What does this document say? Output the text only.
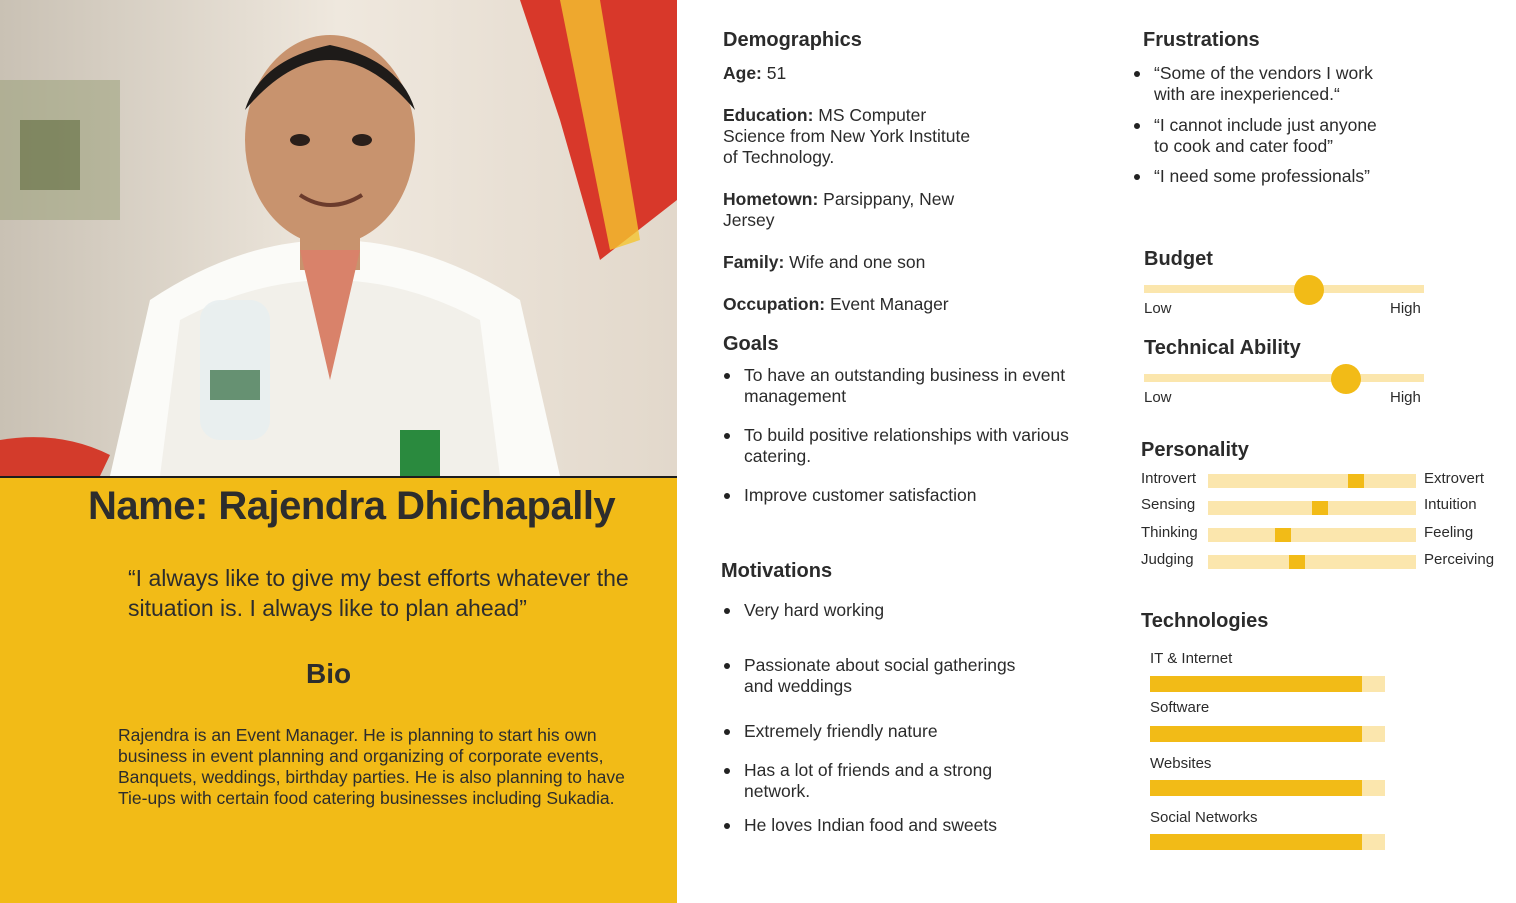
Name: Rajendra Dhichapally
“I always like to give my best efforts whatever the situation is. I always like to plan ahead”
Bio
Rajendra is an Event Manager. He is planning to start his own business in event planning and organizing of corporate events, Banquets, weddings, birthday parties. He is also planning to have Tie-ups with certain food catering businesses including Sukadia.
Demographics
Age: 51
Education: MS Computer Science from New York Institute of Technology.
Hometown: Parsippany, New Jersey
Family: Wife and one son
Occupation: Event Manager
Goals
To have an outstanding business in event management
To build positive relationships with various catering.
Improve customer satisfaction
Motivations
Very hard working
Passionate about social gatherings and weddings
Extremely friendly nature
Has a lot of friends and a strong network.
He loves Indian food and sweets
Frustrations
“Some of the vendors I work with are inexperienced.“
“I cannot include just anyone to cook and cater food”
“I need some professionals”
Budget
Low	High
Technical Ability
Low	High
Personality
Introvert	Extrovert
Sensing	Intuition
Thinking	Feeling
Judging	Perceiving
Technologies
IT & Internet
Software
Websites
Social Networks
